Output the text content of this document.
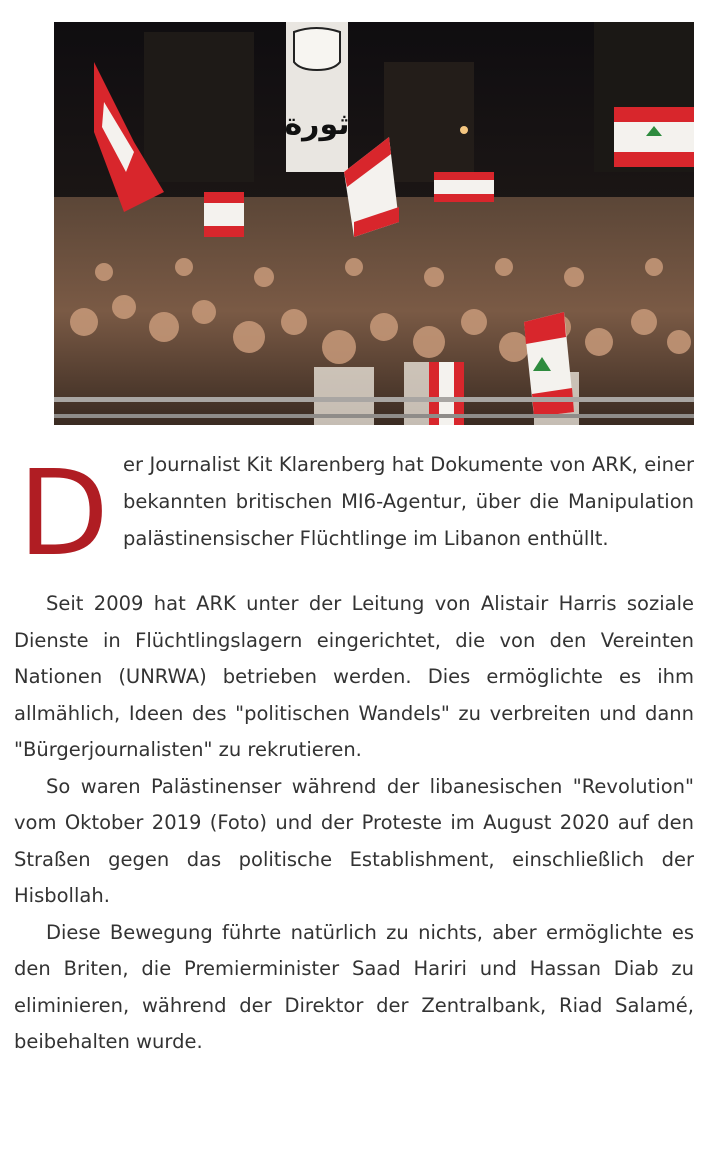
ثورة
D er Journalist Kit Klarenberg hat Dokumente von ARK, einer bekannten britischen MI6-Agentur, über die Manipulation palästinensischer Flüchtlinge im Libanon enthüllt.

Seit 2009 hat ARK unter der Leitung von Alistair Harris soziale Dienste in Flüchtlingslagern eingerichtet, die von den Vereinten Nationen (UNRWA) betrieben werden. Dies ermöglichte es ihm allmählich, Ideen des "politischen Wandels" zu verbreiten und dann "Bürgerjournalisten" zu rekrutieren.

So waren Palästinenser während der libanesischen "Revolution" vom Oktober 2019 (Foto) und der Proteste im August 2020 auf den Straßen gegen das politische Establishment, einschließlich der Hisbollah.

Diese Bewegung führte natürlich zu nichts, aber ermöglichte es den Briten, die Premierminister Saad Hariri und Hassan Diab zu eliminieren, während der Direktor der Zentralbank, Riad Salamé, beibehalten wurde.
